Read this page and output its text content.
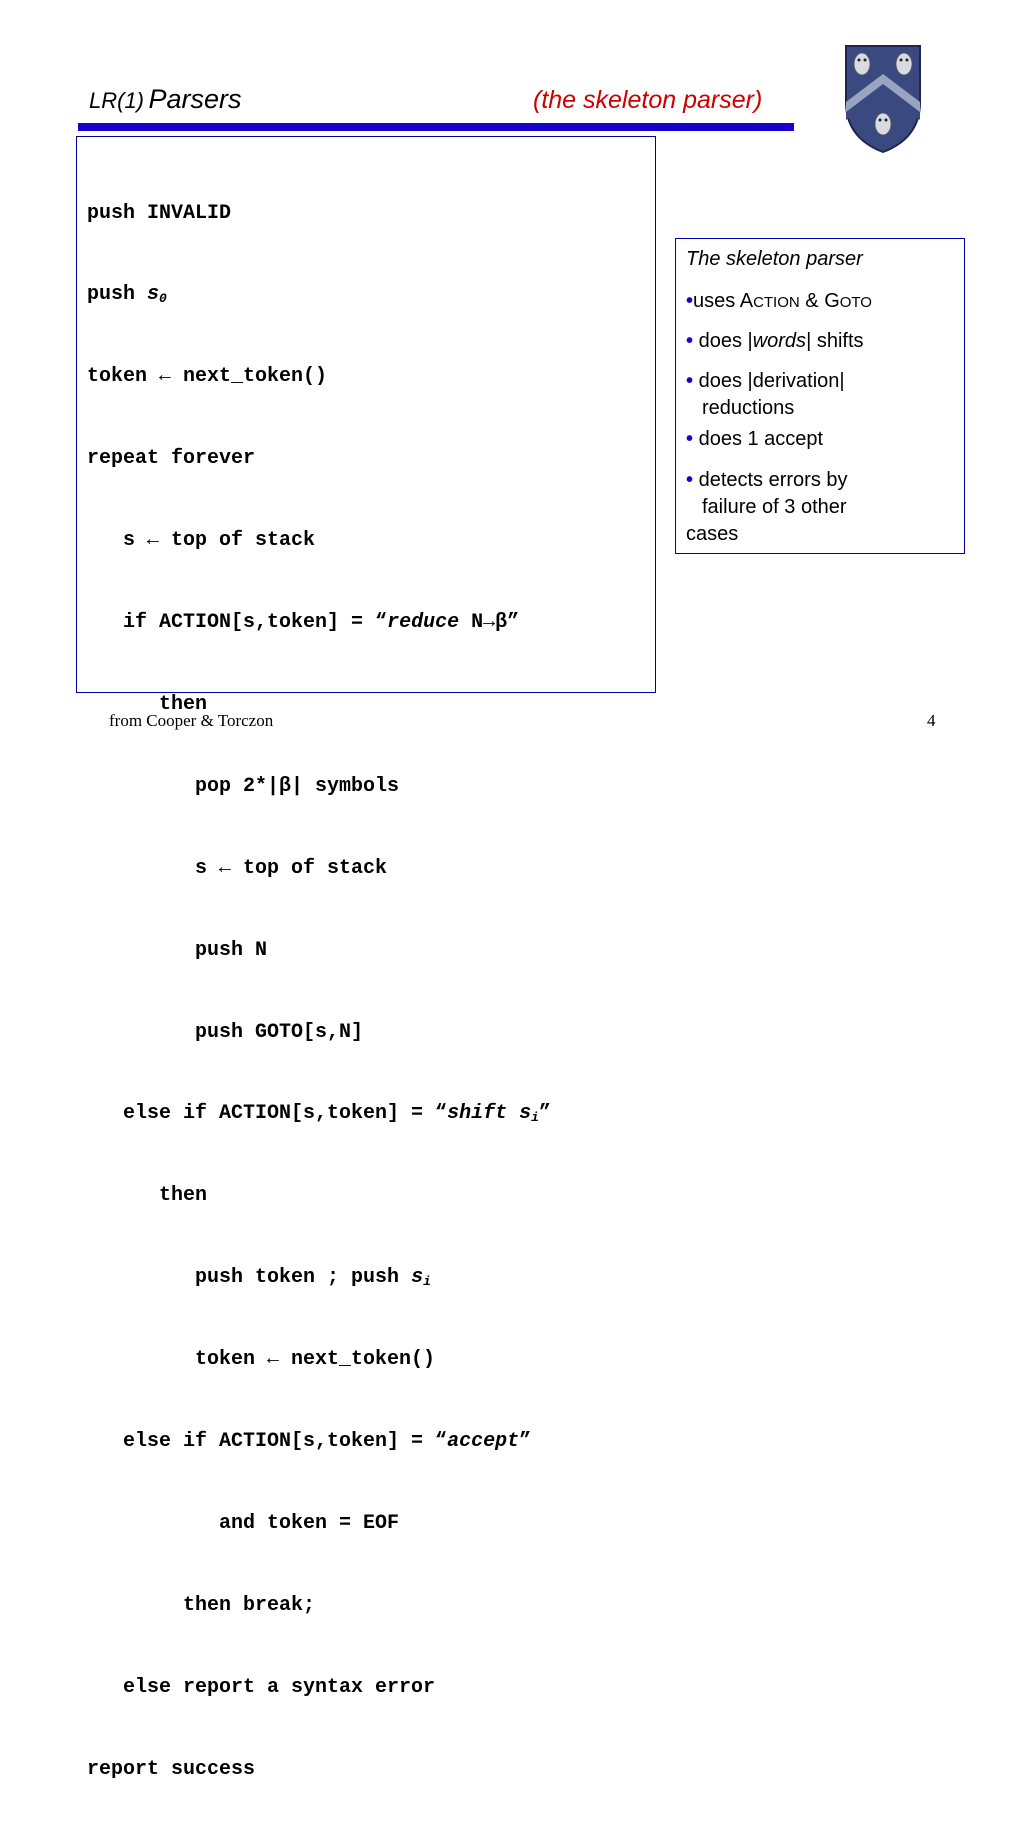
LR(1) Parsers	(the skeleton parser)

push INVALID

push $s_0$

token ← next_token()

repeat forever

s ← top of stack

if ACTION[s,token] = “reduce N→β”

then

pop 2*|β| symbols

s ← top of stack

push N

push GOTO[s,N]

else if ACTION[s,token] = “shift $s_i$”

then

push token ; push $s_i$

token ← next_token()

else if ACTION[s,token] = “accept”

and token = EOF

then break;

else report a syntax error

report success

The skeleton parser
•uses ACTION & GOTO
• does |words| shifts
• does |derivation|
reductions
• does 1 accept
• detects errors by
failure of 3 other
cases
from Cooper & Torczon	4
